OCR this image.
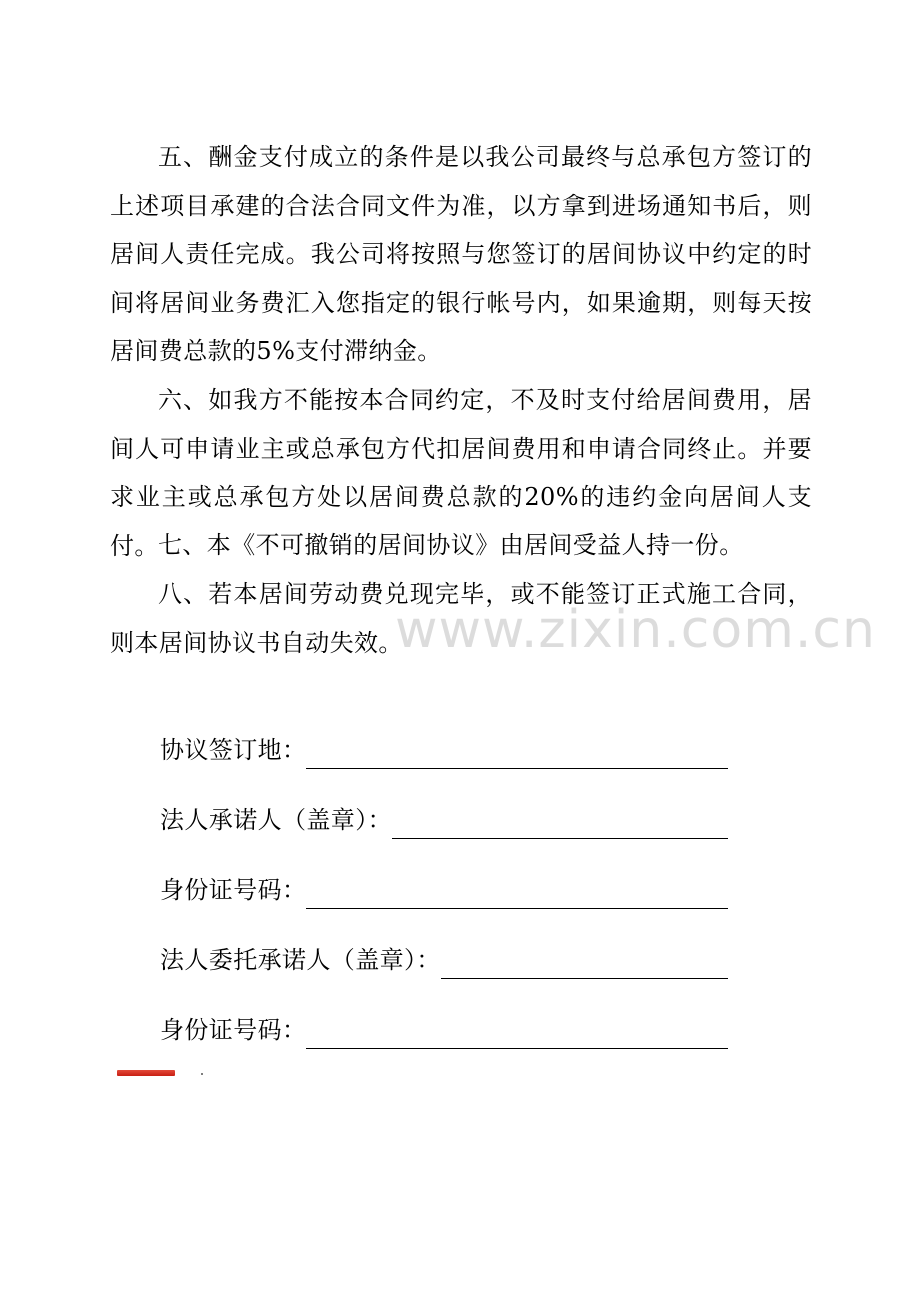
五、酬金支付成立的条件是以我公司最终与总承包方签订的上述项目承建的合法合同文件为准，以方拿到进场通知书后，则居间人责任完成。我公司将按照与您签订的居间协议中约定的时间将居间业务费汇入您指定的银行帐号内，如果逾期，则每天按居间费总款的5%支付滞纳金。

六、如我方不能按本合同约定，不及时支付给居间费用，居间人可申请业主或总承包方代扣居间费用和申请合同终止。并要求业主或总承包方处以居间费总款的20%的违约金向居间人支付。 七、本《不可撤销的居间协议》由居间受益人持一份。

八、若本居间劳动费兑现完毕，或不能签订正式施工合同，则本居间协议书自动失效。

www.zixin.com.cn
协议签订地：
法人承诺人（盖章）：
身份证号码：
法人委托承诺人（盖章）：
身份证号码：
